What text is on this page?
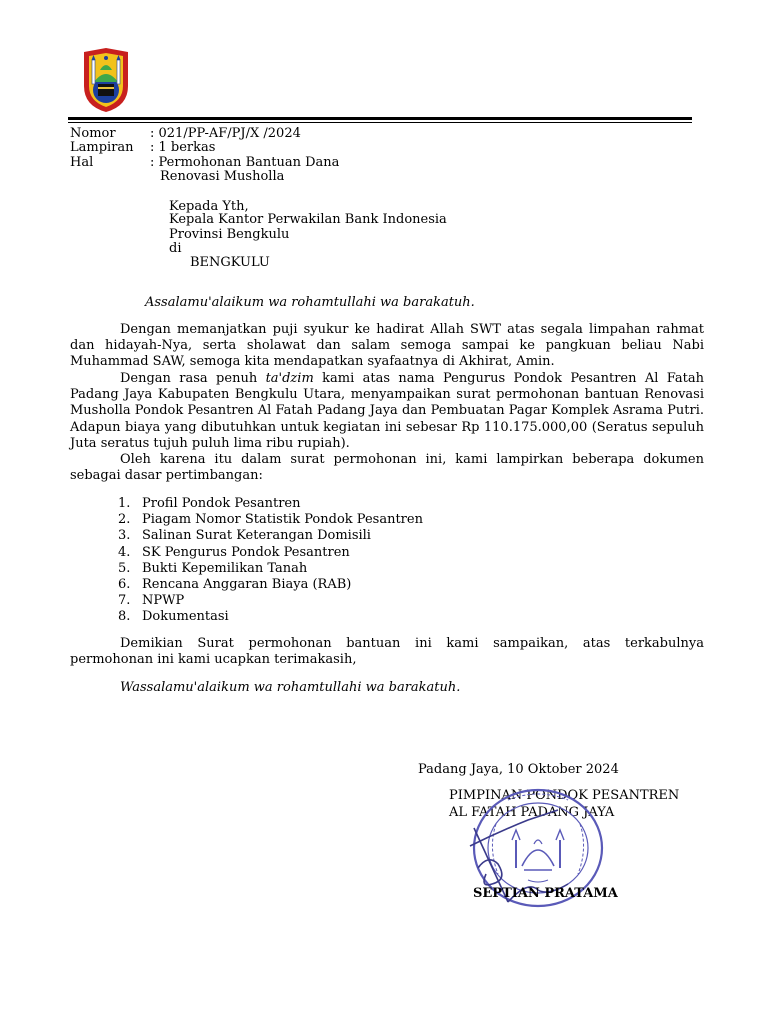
Nomor	: 021/PP-AF/PJ/X /2024
Lampiran : 1 berkas
Hal	: Permohonan Bantuan Dana
Renovasi Musholla
Kepada Yth,
Kepala Kantor Perwakilan Bank Indonesia
Provinsi Bengkulu
di
BENGKULU
Assalamu'alaikum wa rohamtullahi wa barakatuh.
Dengan memanjatkan puji syukur ke hadirat Allah SWT atas segala limpahan rahmat dan hidayah-Nya, serta sholawat dan salam semoga sampai ke pangkuan beliau Nabi Muhammad SAW, semoga kita mendapatkan syafaatnya di Akhirat, Amin.
Dengan rasa penuh ta'dzim kami atas nama Pengurus Pondok Pesantren Al Fatah Padang Jaya Kabupaten Bengkulu Utara, menyampaikan surat permohonan bantuan Renovasi Musholla Pondok Pesantren Al Fatah Padang Jaya dan Pembuatan Pagar Komplek Asrama Putri. Adapun biaya yang dibutuhkan untuk kegiatan ini sebesar Rp 110.175.000,00 (Seratus sepuluh Juta seratus tujuh puluh lima ribu rupiah).
Oleh karena itu dalam surat permohonan ini, kami lampirkan beberapa dokumen sebagai dasar pertimbangan:
1. Profil Pondok Pesantren
2. Piagam Nomor Statistik Pondok Pesantren
3. Salinan Surat Keterangan Domisili
4. SK Pengurus Pondok Pesantren
5. Bukti Kepemilikan Tanah
6. Rencana Anggaran Biaya (RAB)
7. NPWP
8. Dokumentasi
Demikian Surat permohonan bantuan ini kami sampaikan, atas terkabulnya permohonan ini kami ucapkan terimakasih,
Wassalamu'alaikum wa rohamtullahi wa barakatuh.
Padang Jaya, 10 Oktober 2024
PIMPINAN PONDOK PESANTREN
AL FATAH PADANG JAYA
SEPTIAN PRATAMA
